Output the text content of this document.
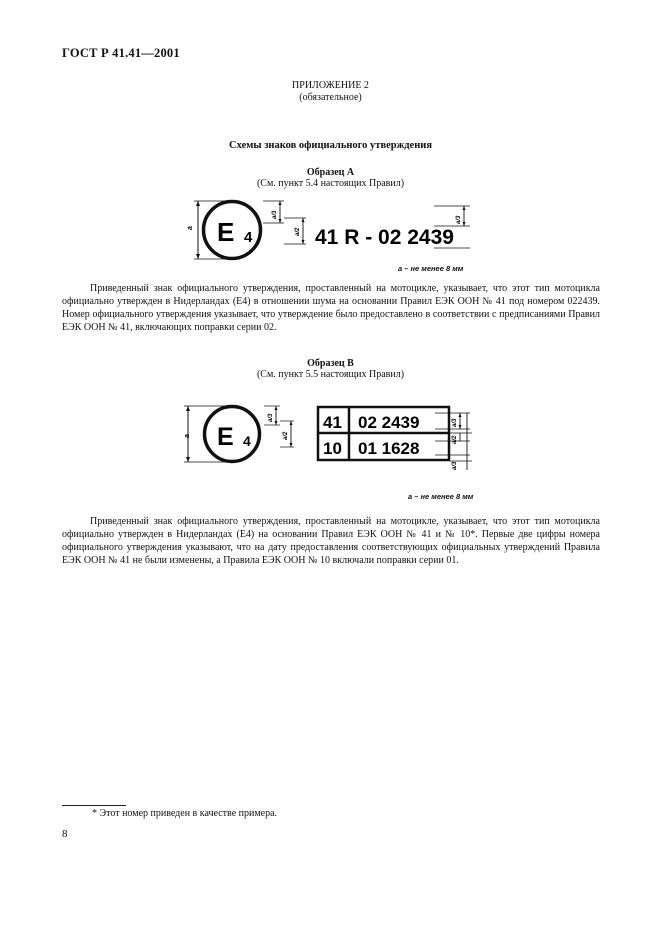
ГОСТ Р 41.41—2001
ПРИЛОЖЕНИЕ 2
(обязательное)
Схемы знаков официального утверждения
Образец А
(См. пункт 5.4 настоящих Правил)
a E 4
a/3
a/2 41 R - 02 2439
a/3
а – не менее 8 мм
Приведенный знак официального утверждения, проставленный на мотоцикле, указывает, что этот тип мотоцикла официально утвержден в Нидерландах (Е4) в отношении шума на основании Правил ЕЭК ООН № 41 под номером 022439. Номер официального утверждения указывает, что утверждение было предоставлено в соответствии с предписаниями Правил ЕЭК ООН № 41, включающих поправки серии 02.
Образец В
(См. пункт 5.5 настоящих Правил)
a E 4
a/3
a/2
41 02 2439
10 01 1628
a/3
a/2
a/3
а – не менее 8 мм
Приведенный знак официального утверждения, проставленный на мотоцикле, указывает, что этот тип мотоцикла официально утвержден в Нидерландах (Е4) на основании Правил ЕЭК ООН № 41 и № 10*. Первые две цифры номера официального утверждения указывают, что на дату предоставления соответствующих официальных утверждений Правила ЕЭК ООН № 41 не были изменены, а Правила ЕЭК ООН № 10 включали поправки серии 01.
* Этот номер приведен в качестве примера.
8
